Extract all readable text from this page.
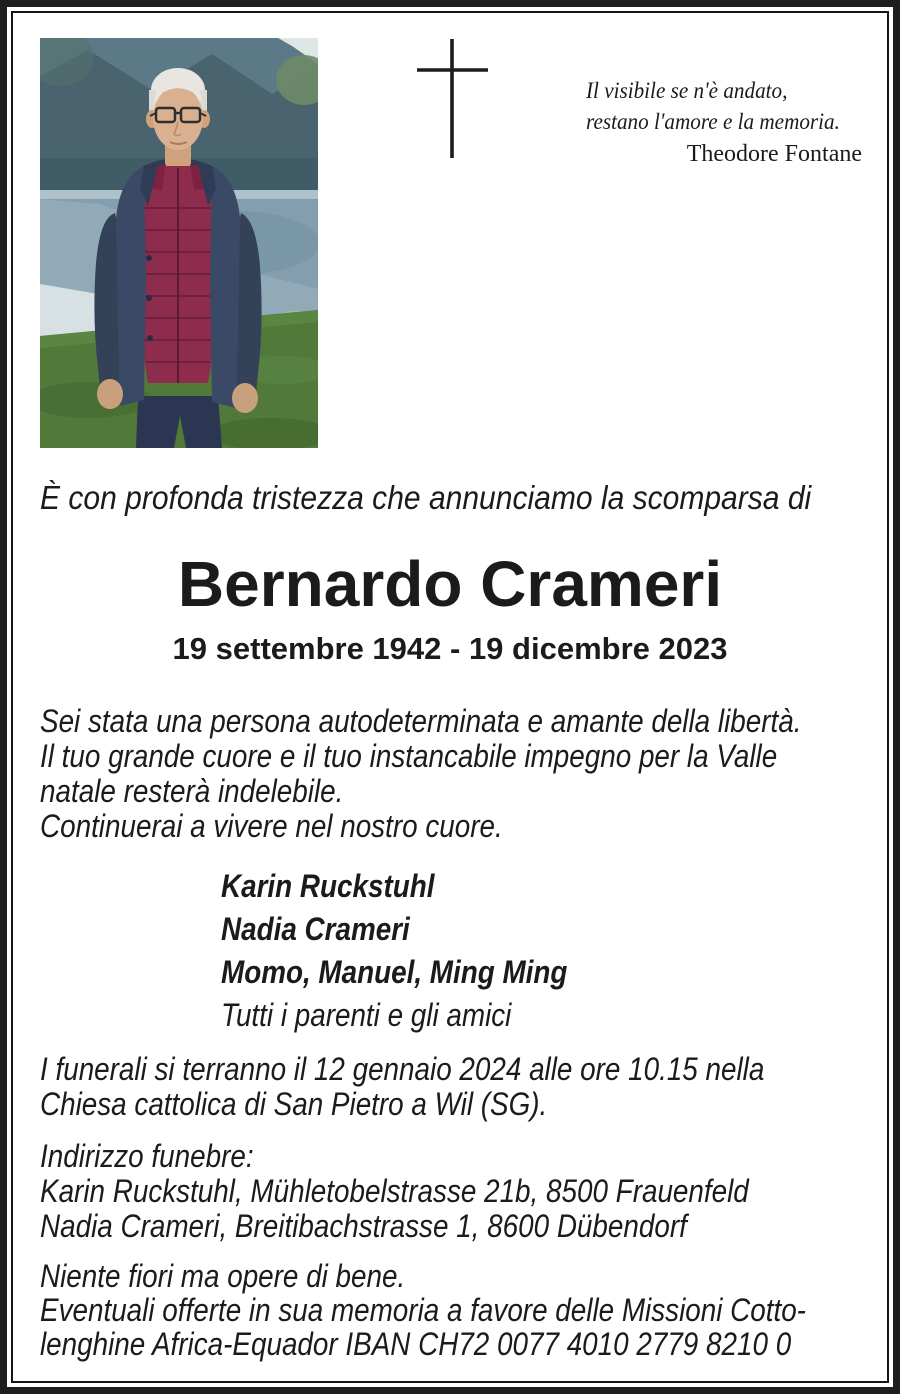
Il visibile se n'è andato,
restano l'amore e la memoria.
Theodore Fontane
È con profonda tristezza che annunciamo la scomparsa di
Bernardo Crameri
19 settembre 1942 - 19 dicembre 2023
Sei stata una persona autodeterminata e amante della libertà.
Il tuo grande cuore e il tuo instancabile impegno per la Valle
natale resterà indelebile.
Continuerai a vivere nel nostro cuore.
Karin Ruckstuhl
Nadia Crameri
Momo, Manuel, Ming Ming
Tutti i parenti e gli amici
I funerali si terranno il 12 gennaio 2024 alle ore 10.15 nella
Chiesa cattolica di San Pietro a Wil (SG).
Indirizzo funebre:
Karin Ruckstuhl, Mühletobelstrasse 21b, 8500 Frauenfeld
Nadia Crameri, Breitibachstrasse 1, 8600 Dübendorf
Niente fiori ma opere di bene.
Eventuali offerte in sua memoria a favore delle Missioni Cotto-
lenghine Africa-Equador IBAN CH72 0077 4010 2779 8210 0
